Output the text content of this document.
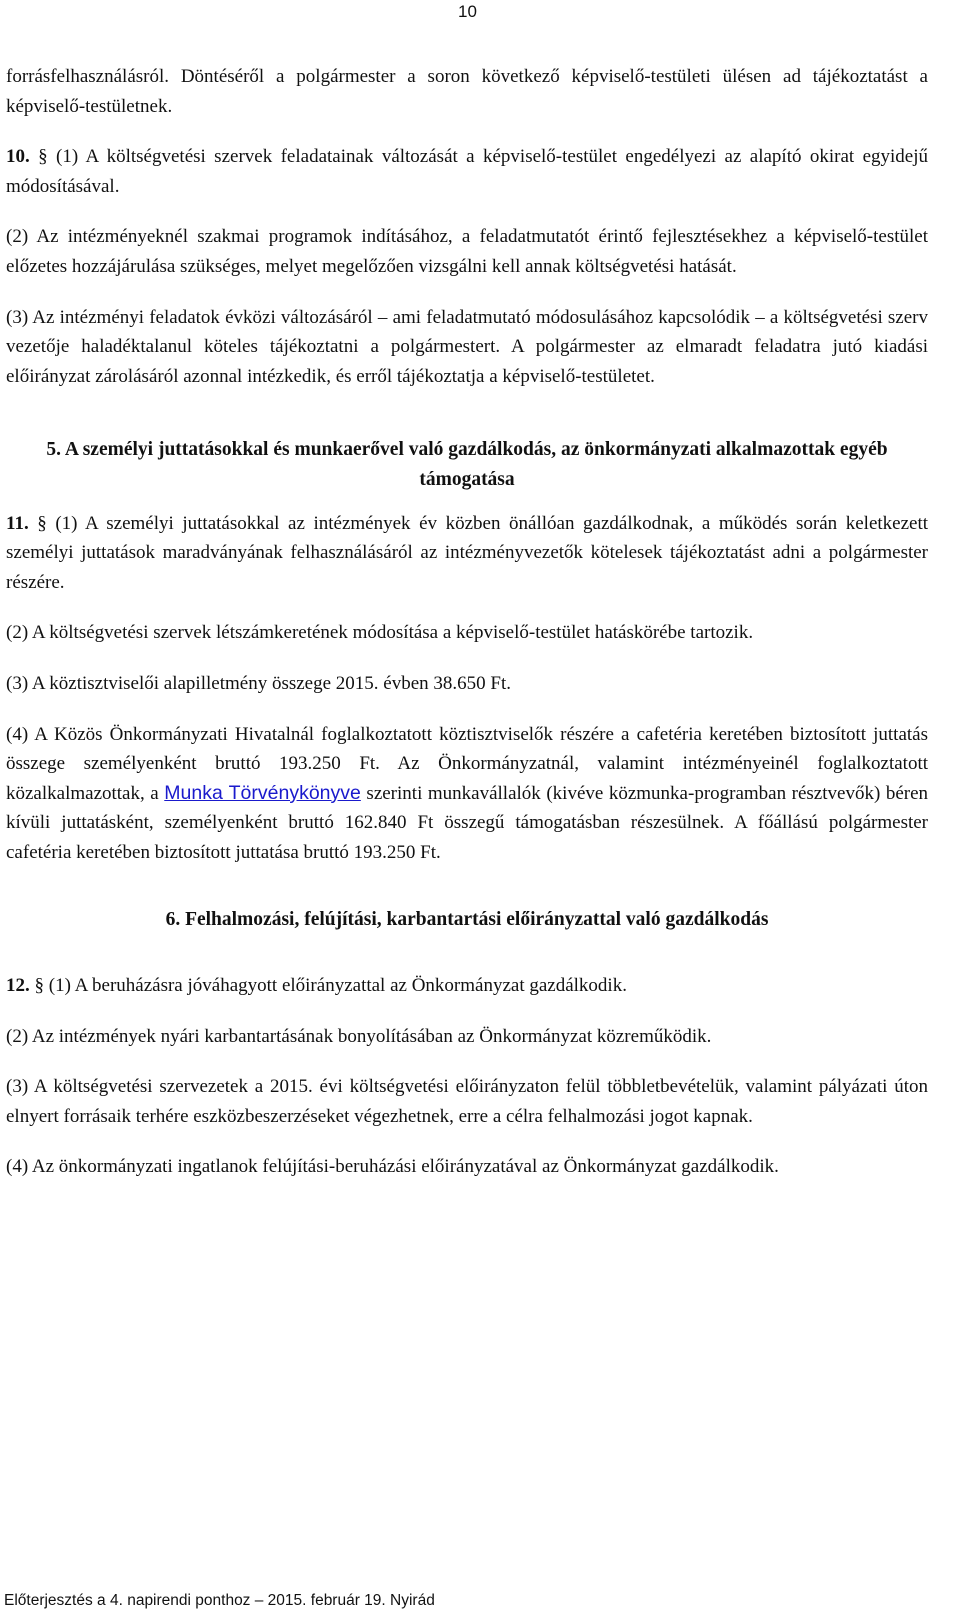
10

forrásfelhasználásról. Döntéséről a polgármester a soron következő képviselő-testületi ülésen ad tájékoztatást a képviselő-testületnek.

10. § (1) A költségvetési szervek feladatainak változását a képviselő-testület engedélyezi az alapító okirat egyidejű módosításával.

(2) Az intézményeknél szakmai programok indításához, a feladatmutatót érintő fejlesztésekhez a képviselő-testület előzetes hozzájárulása szükséges, melyet megelőzően vizsgálni kell annak költségvetési hatását.

(3) Az intézményi feladatok évközi változásáról – ami feladatmutató módosulásához kapcsolódik – a költségvetési szerv vezetője haladéktalanul köteles tájékoztatni a polgármestert. A polgármester az elmaradt feladatra jutó kiadási előirányzat zárolásáról azonnal intézkedik, és erről tájékoztatja a képviselő-testületet.

5. A személyi juttatásokkal és munkaerővel való gazdálkodás, az önkormányzati alkalmazottak egyéb támogatása

11. § (1) A személyi juttatásokkal az intézmények év közben önállóan gazdálkodnak, a működés során keletkezett személyi juttatások maradványának felhasználásáról az intézményvezetők kötelesek tájékoztatást adni a polgármester részére.

(2) A költségvetési szervek létszámkeretének módosítása a képviselő-testület hatáskörébe tartozik.

(3) A köztisztviselői alapilletmény összege 2015. évben 38.650 Ft.

(4) A Közös Önkormányzati Hivatalnál foglalkoztatott köztisztviselők részére a cafetéria keretében biztosított juttatás összege személyenként bruttó 193.250 Ft. Az Önkormányzatnál, valamint intézményeinél foglalkoztatott közalkalmazottak, a Munka Törvénykönyve szerinti munkavállalók (kivéve közmunka-programban résztvevők) béren kívüli juttatásként, személyenként bruttó 162.840 Ft összegű támogatásban részesülnek. A főállású polgármester cafetéria keretében biztosított juttatása bruttó 193.250 Ft.

6. Felhalmozási, felújítási, karbantartási előirányzattal való gazdálkodás

12. § (1) A beruházásra jóváhagyott előirányzattal az Önkormányzat gazdálkodik.

(2) Az intézmények nyári karbantartásának bonyolításában az Önkormányzat közreműködik.

(3) A költségvetési szervezetek a 2015. évi költségvetési előirányzaton felül többletbevételük, valamint pályázati úton elnyert forrásaik terhére eszközbeszerzéseket végezhetnek, erre a célra felhalmozási jogot kapnak.

(4) Az önkormányzati ingatlanok felújítási-beruházási előirányzatával az Önkormányzat gazdálkodik.

Előterjesztés a 4. napirendi ponthoz – 2015. február 19. Nyirád
